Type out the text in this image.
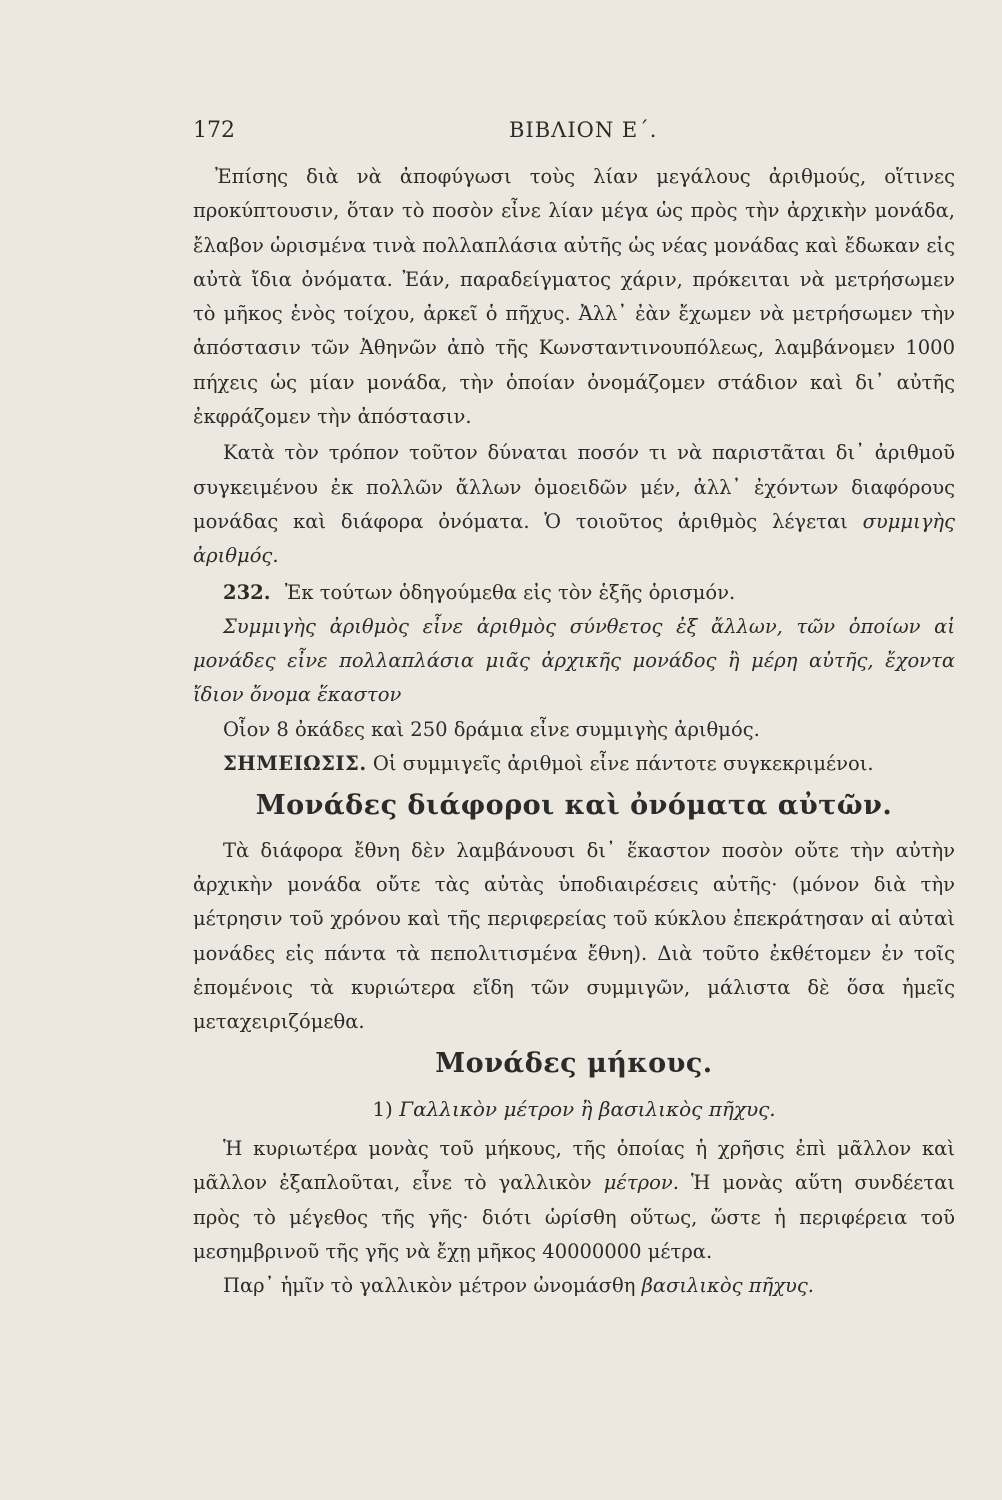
172	ΒΙΒΛΙΟΝ Ε΄.

Ἐπίσης διὰ νὰ ἀποφύγωσι τοὺς λίαν μεγάλους ἀριθμούς, οἵτινες προκύπτουσιν, ὅταν τὸ ποσὸν εἶνε λίαν μέγα ὡς πρὸς τὴν ἀρχικὴν μονάδα, ἔλαβον ὡρισμένα τινὰ πολλαπλάσια αὐτῆς ὡς νέας μονάδας καὶ ἔδωκαν εἰς αὐτὰ ἴδια ὀνόματα. Ἐάν, παραδείγματος χάριν, πρόκειται νὰ μετρήσωμεν τὸ μῆκος ἑνὸς τοίχου, ἀρκεῖ ὁ πῆχυς. Ἀλλ᾿ ἐὰν ἔχωμεν νὰ μετρήσωμεν τὴν ἀπόστασιν τῶν Ἀθηνῶν ἀπὸ τῆς Κωνσταντινουπόλεως, λαμβάνομεν 1000 πήχεις ὡς μίαν μονάδα, τὴν ὁποίαν ὀνομάζομεν στάδιον καὶ δι᾿ αὐτῆς ἐκφράζομεν τὴν ἀπόστασιν.

Κατὰ τὸν τρόπον τοῦτον δύναται ποσόν τι νὰ παριστᾶται δι᾿ ἀριθμοῦ συγκειμένου ἐκ πολλῶν ἄλλων ὁμοειδῶν μέν, ἀλλ᾿ ἐχόντων διαφόρους μονάδας καὶ διάφορα ὀνόματα. Ὁ τοιοῦτος ἀριθμὸς λέγεται συμμιγὴς ἀριθμός.

232. Ἐκ τούτων ὁδηγούμεθα εἰς τὸν ἑξῆς ὁρισμόν.

Συμμιγὴς ἀριθμὸς εἶνε ἀριθμὸς σύνθετος ἐξ ἄλλων, τῶν ὁποίων αἱ μονάδες εἶνε πολλαπλάσια μιᾶς ἀρχικῆς μονάδος ἢ μέρη αὐτῆς, ἔχοντα ἴδιον ὄνομα ἕκαστον

Οἷον 8 ὀκάδες καὶ 250 δράμια εἶνε συμμιγὴς ἀριθμός.

ΣΗΜΕΙΩΣΙΣ. Οἱ συμμιγεῖς ἀριθμοὶ εἶνε πάντοτε συγκεκριμένοι.

Μονάδες διάφοροι καὶ ὀνόματα αὐτῶν.

Τὰ διάφορα ἔθνη δὲν λαμβάνουσι δι᾿ ἕκαστον ποσὸν οὔτε τὴν αὐτὴν ἀρχικὴν μονάδα οὔτε τὰς αὐτὰς ὑποδιαιρέσεις αὐτῆς· (μόνον διὰ τὴν μέτρησιν τοῦ χρόνου καὶ τῆς περιφερείας τοῦ κύκλου ἐπεκράτησαν αἱ αὐταὶ μονάδες εἰς πάντα τὰ πεπολιτισμένα ἔθνη). Διὰ τοῦτο ἐκθέτομεν ἐν τοῖς ἑπομένοις τὰ κυριώτερα εἴδη τῶν συμμιγῶν, μάλιστα δὲ ὅσα ἡμεῖς μεταχειριζόμεθα.

Μονάδες μήκους.
1) Γαλλικὸν μέτρον ἢ βασιλικὸς πῆχυς.

Ἡ κυριωτέρα μονὰς τοῦ μήκους, τῆς ὁποίας ἡ χρῆσις ἐπὶ μᾶλλον καὶ μᾶλλον ἐξαπλοῦται, εἶνε τὸ γαλλικὸν μέτρον. Ἡ μονὰς αὕτη συνδέεται πρὸς τὸ μέγεθος τῆς γῆς· διότι ὡρίσθη οὕτως, ὥστε ἡ περιφέρεια τοῦ μεσημβρινοῦ τῆς γῆς νὰ ἔχῃ μῆκος 40000000 μέτρα.

Παρ᾿ ἡμῖν τὸ γαλλικὸν μέτρον ὠνομάσθη βασιλικὸς πῆχυς.
